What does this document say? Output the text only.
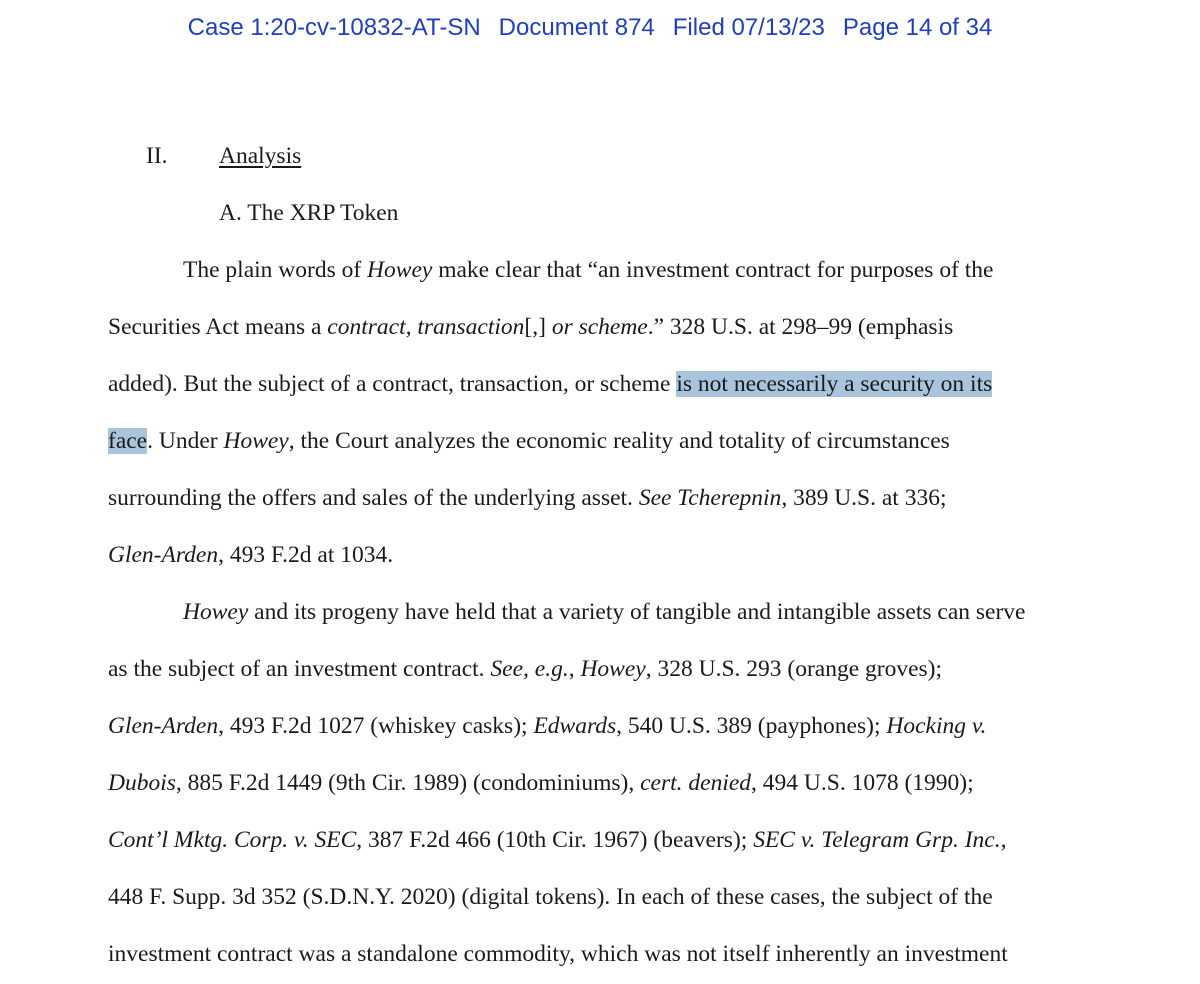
Case 1:20-cv-10832-AT-SN Document 874 Filed 07/13/23 Page 14 of 34
II. Analysis
A. The XRP Token
The plain words of Howey make clear that “an investment contract for purposes of the
Securities Act means a contract, transaction[,] or scheme.” 328 U.S. at 298–99 (emphasis
added). But the subject of a contract, transaction, or scheme is not necessarily a security on its
face. Under Howey, the Court analyzes the economic reality and totality of circumstances
surrounding the offers and sales of the underlying asset. See Tcherepnin, 389 U.S. at 336;
Glen-Arden, 493 F.2d at 1034.
Howey and its progeny have held that a variety of tangible and intangible assets can serve
as the subject of an investment contract. See, e.g., Howey, 328 U.S. 293 (orange groves);
Glen-Arden, 493 F.2d 1027 (whiskey casks); Edwards, 540 U.S. 389 (payphones); Hocking v.
Dubois, 885 F.2d 1449 (9th Cir. 1989) (condominiums), cert. denied, 494 U.S. 1078 (1990);
Cont’l Mktg. Corp. v. SEC, 387 F.2d 466 (10th Cir. 1967) (beavers); SEC v. Telegram Grp. Inc.,
448 F. Supp. 3d 352 (S.D.N.Y. 2020) (digital tokens). In each of these cases, the subject of the
investment contract was a standalone commodity, which was not itself inherently an investment
